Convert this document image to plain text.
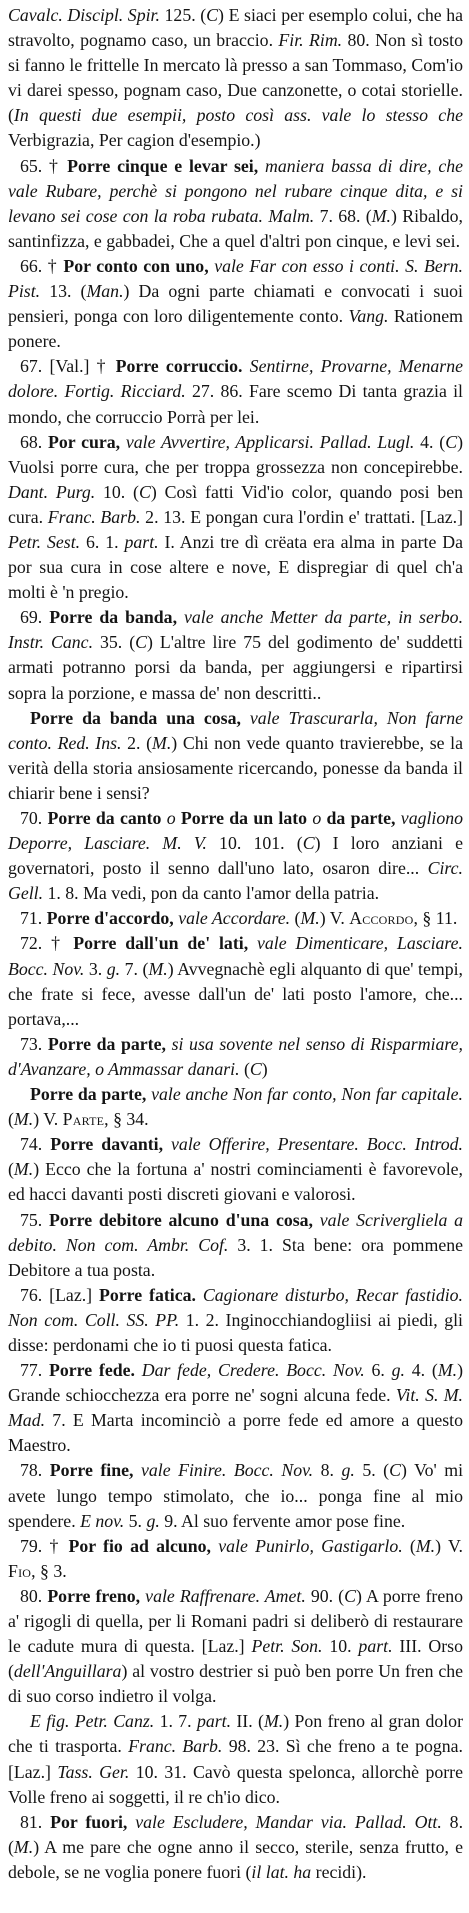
Cavalc. Discipl. Spir. 125. (C) E siaci per esemplo colui, che ha stravolto, pognamo caso, un braccio. Fir. Rim. 80. Non sì tosto si fanno le frittelle In mercato là presso a san Tommaso, Com'io vi darei spesso, pognam caso, Due canzonette, o cotai storielle. (In questi due esempii, posto così ass. vale lo stesso che Verbigrazia, Per cagion d'esempio.)

65. † Porre cinque e levar sei, maniera bassa di dire, che vale Rubare, perchè si pongono nel rubare cinque dita, e si levano sei cose con la roba rubata. Malm. 7. 68. (M.) Ribaldo, santinfizza, e gabbadei, Che a quel d'altri pon cinque, e levi sei.

66. † Por conto con uno, vale Far con esso i conti. S. Bern. Pist. 13. (Man.) Da ogni parte chiamati e convocati i suoi pensieri, ponga con loro diligentemente conto. Vang. Rationem ponere.

67. [Val.] † Porre corruccio. Sentirne, Provarne, Menarne dolore. Fortig. Ricciard. 27. 86. Fare scemo Di tanta grazia il mondo, che corruccio Porrà per lei.

68. Por cura, vale Avvertire, Applicarsi. Pallad. Lugl. 4. (C) Vuolsi porre cura, che per troppa grossezza non concepirebbe. Dant. Purg. 10. (C) Così fatti Vid'io color, quando posi ben cura. Franc. Barb. 2. 13. E pongan cura l'ordin e' trattati. [Laz.] Petr. Sest. 6. 1. part. I. Anzi tre dì crëata era alma in parte Da por sua cura in cose altere e nove, E dispregiar di quel ch'a molti è 'n pregio.

69. Porre da banda, vale anche Metter da parte, in serbo. Instr. Canc. 35. (C) L'altre lire 75 del godimento de' suddetti armati potranno porsi da banda, per aggiungersi e ripartirsi sopra la porzione, e massa de' non descritti..

Porre da banda una cosa, vale Trascurarla, Non farne conto. Red. Ins. 2. (M.) Chi non vede quanto travierebbe, se la verità della storia ansiosamente ricercando, ponesse da banda il chiarir bene i sensi?

70. Porre da canto o Porre da un lato o da parte, vagliono Deporre, Lasciare. M. V. 10. 101. (C) I loro anziani e governatori, posto il senno dall'uno lato, osaron dire... Circ. Gell. 1. 8. Ma vedi, pon da canto l'amor della patria.

71. Porre d'accordo, vale Accordare. (M.) V. Accordo, § 11.

72. † Porre dall'un de' lati, vale Dimenticare, Lasciare. Bocc. Nov. 3. g. 7. (M.) Avvegnachè egli alquanto di que' tempi, che frate si fece, avesse dall'un de' lati posto l'amore, che... portava,...

73. Porre da parte, si usa sovente nel senso di Risparmiare, d'Avanzare, o Ammassar danari. (C)

Porre da parte, vale anche Non far conto, Non far capitale. (M.) V. Parte, § 34.

74. Porre davanti, vale Offerire, Presentare. Bocc. Introd. (M.) Ecco che la fortuna a' nostri cominciamenti è favorevole, ed hacci davanti posti discreti giovani e valorosi.

75. Porre debitore alcuno d'una cosa, vale Scrivergliela a debito. Non com. Ambr. Cof. 3. 1. Sta bene: ora pommene Debitore a tua posta.

76. [Laz.] Porre fatica. Cagionare disturbo, Recar fastidio. Non com. Coll. SS. PP. 1. 2. Inginocchiandogliisi ai piedi, gli disse: perdonami che io ti puosi questa fatica.

77. Porre fede. Dar fede, Credere. Bocc. Nov. 6. g. 4. (M.) Grande schiocchezza era porre ne' sogni alcuna fede. Vit. S. M. Mad. 7. E Marta incominciò a porre fede ed amore a questo Maestro.

78. Porre fine, vale Finire. Bocc. Nov. 8. g. 5. (C) Vo' mi avete lungo tempo stimolato, che io... ponga fine al mio spendere. E nov. 5. g. 9. Al suo fervente amor pose fine.

79. † Por fio ad alcuno, vale Punirlo, Gastigarlo. (M.) V. Fio, § 3.

80. Porre freno, vale Raffrenare. Amet. 90. (C) A porre freno a' rigogli di quella, per li Romani padri si deliberò di restaurare le cadute mura di questa. [Laz.] Petr. Son. 10. part. III. Orso (dell'Anguillara) al vostro destrier si può ben porre Un fren che di suo corso indietro il volga.

E fig. Petr. Canz. 1. 7. part. II. (M.) Pon freno al gran dolor che ti trasporta. Franc. Barb. 98. 23. Sì che freno a te pogna. [Laz.] Tass. Ger. 10. 31. Cavò questa spelonca, allorchè porre Volle freno ai soggetti, il re ch'io dico.

81. Por fuori, vale Escludere, Mandar via. Pallad. Ott. 8. (M.) A me pare che ogne anno il secco, sterile, senza frutto, e debole, se ne voglia ponere fuori (il lat. ha recidi).
